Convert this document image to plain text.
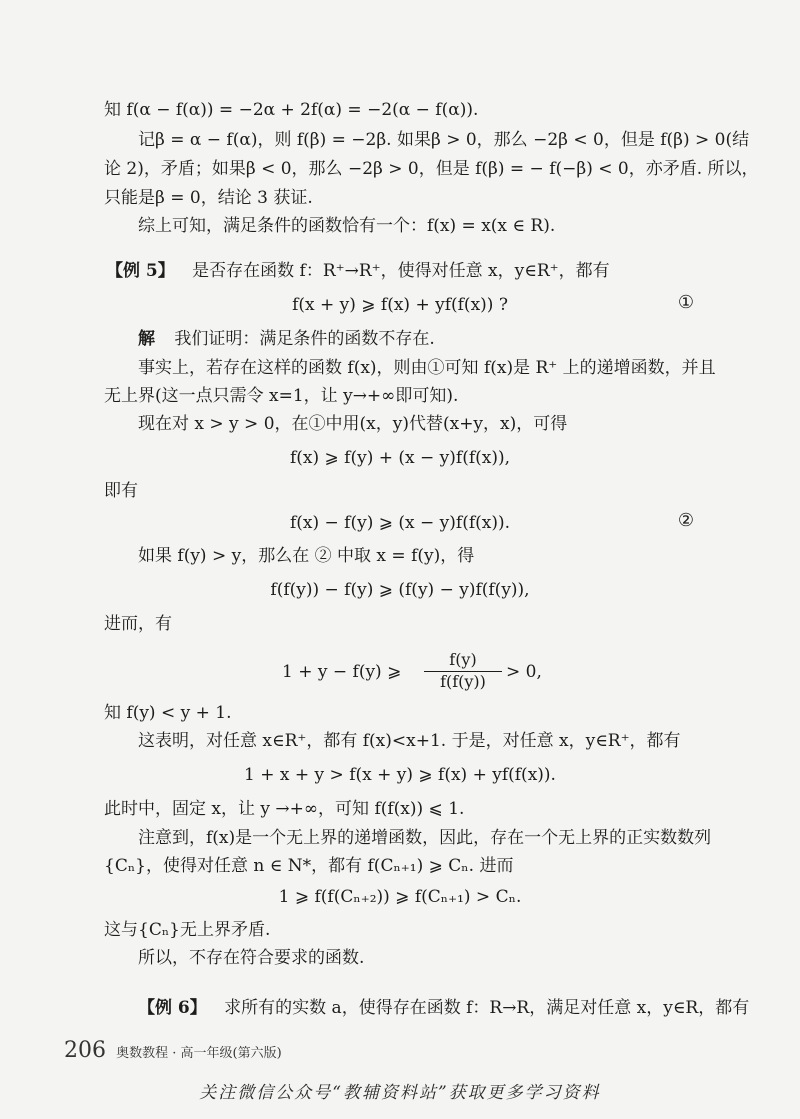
知 f(α − f(α)) = −2α + 2f(α) = −2(α − f(α)).
记β = α − f(α)，则 f(β) = −2β. 如果β > 0，那么 −2β < 0，但是 f(β) > 0(结
论 2)，矛盾；如果β < 0，那么 −2β > 0，但是 f(β) = − f(−β) < 0，亦矛盾. 所以，
只能是β = 0，结论 3 获证.
综上可知，满足条件的函数恰有一个：f(x) = x(x ∈ R).
【例 5】 是否存在函数 f：R⁺→R⁺，使得对任意 x，y∈R⁺，都有
f(x + y) ⩾ f(x) + yf(f(x)) ?	①
解 我们证明：满足条件的函数不存在.
事实上，若存在这样的函数 f(x)，则由①可知 f(x)是 R⁺ 上的递增函数，并且
无上界(这一点只需令 x=1，让 y→+∞即可知).
现在对 x > y > 0，在①中用(x，y)代替(x+y，x)，可得
f(x) ⩾ f(y) + (x − y)f(f(x)),
即有
f(x) − f(y) ⩾ (x − y)f(f(x)).	②
如果 f(y) > y，那么在 ② 中取 x = f(y)，得
f(f(y)) − f(y) ⩾ (f(y) − y)f(f(y)),
进而，有
1 + y − f(y) ⩾ $\frac{f(y)}{f(f(y))} > 0$,
知 f(y) < y + 1.
这表明，对任意 x∈R⁺，都有 f(x)<x+1. 于是，对任意 x，y∈R⁺，都有
1 + x + y > f(x + y) ⩾ f(x) + yf(f(x)).
此时中，固定 x，让 y →+∞，可知 f(f(x)) ⩽ 1.
注意到，f(x)是一个无上界的递增函数，因此，存在一个无上界的正实数数列
{Cₙ}，使得对任意 n ∈ N*，都有 f(Cₙ₊₁) ⩾ Cₙ. 进而
1 ⩾ f(f(Cₙ₊₂)) ⩾ f(Cₙ₊₁) > Cₙ.
这与{Cₙ}无上界矛盾.
所以，不存在符合要求的函数.
【例 6】 求所有的实数 a，使得存在函数 f：R→R，满足对任意 x，y∈R，都有
206 奥数教程 · 高一年级(第六版)
关注微信公众号“教辅资料站”获取更多学习资料
